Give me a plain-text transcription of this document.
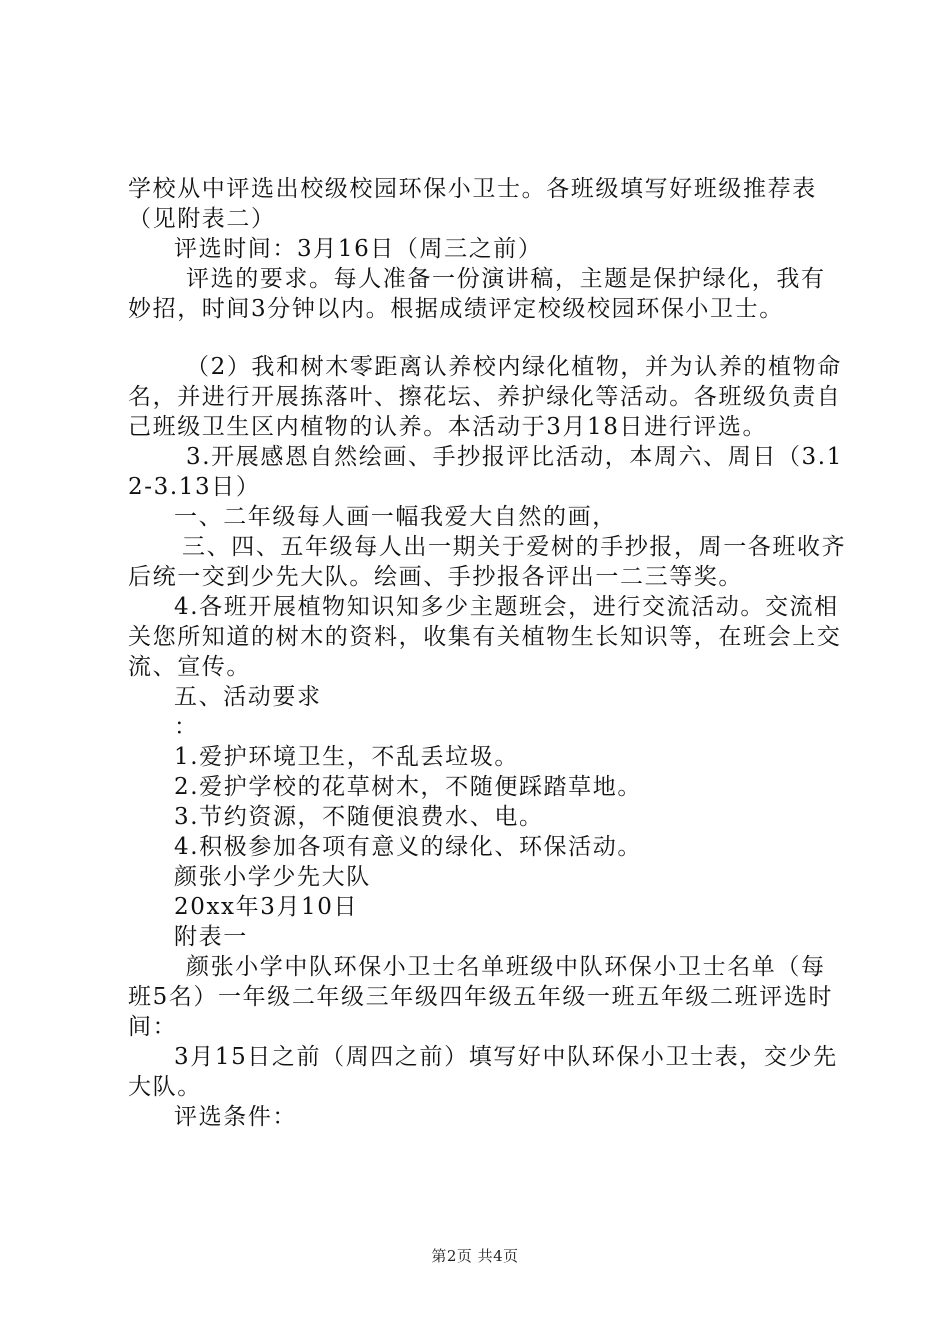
学校从中评选出校级校园环保小卫士。各班级填写好班级推荐表（见附表二）

评选时间：3月16日（周三之前）

评选的要求。每人准备一份演讲稿，主题是保护绿化，我有妙招，时间3分钟以内。根据成绩评定校级校园环保小卫士。

（2）我和树木零距离认养校内绿化植物，并为认养的植物命名，并进行开展拣落叶、擦花坛、养护绿化等活动。各班级负责自己班级卫生区内植物的认养。本活动于3月18日进行评选。

3.开展感恩自然绘画、手抄报评比活动，本周六、周日（3.12-3.13日）

一、二年级每人画一幅我爱大自然的画，

三、四、五年级每人出一期关于爱树的手抄报，周一各班收齐后统一交到少先大队。绘画、手抄报各评出一二三等奖。

4.各班开展植物知识知多少主题班会，进行交流活动。交流相关您所知道的树木的资料，收集有关植物生长知识等，在班会上交流、宣传。

五、活动要求

：

1.爱护环境卫生，不乱丢垃圾。

2.爱护学校的花草树木，不随便踩踏草地。

3.节约资源，不随便浪费水、电。

4.积极参加各项有意义的绿化、环保活动。

颜张小学少先大队

20xx年3月10日

附表一

颜张小学中队环保小卫士名单班级中队环保小卫士名单（每班5名）一年级二年级三年级四年级五年级一班五年级二班评选时间：

3月15日之前（周四之前）填写好中队环保小卫士表，交少先大队。

评选条件：

第2页 共4页
